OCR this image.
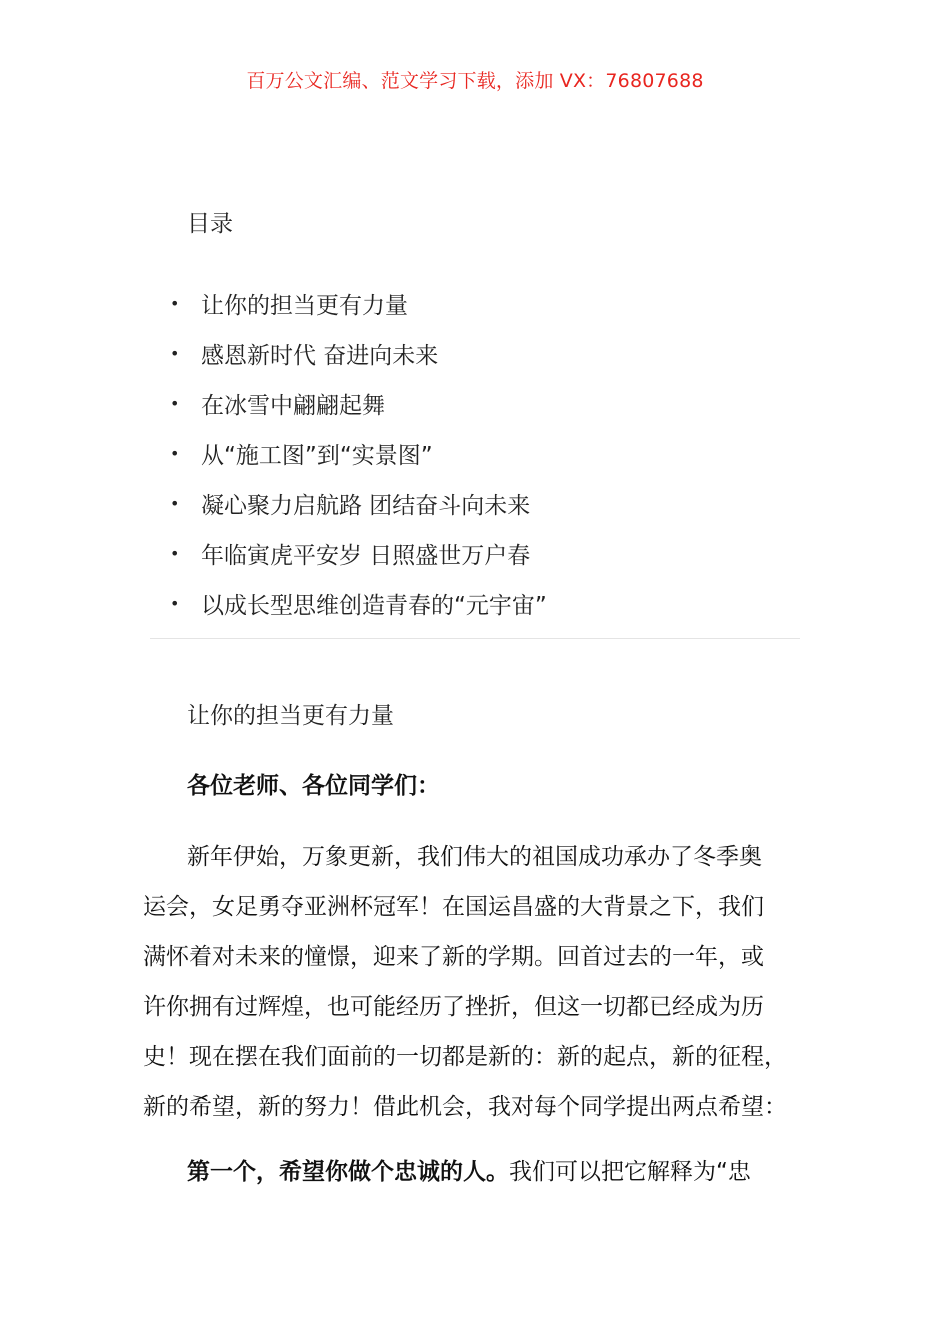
百万公文汇编、范文学习下载，添加 VX：76807688
目录
• 让你的担当更有力量
• 感恩新时代 奋进向未来
• 在冰雪中翩翩起舞
• 从“施工图”到“实景图”
• 凝心聚力启航路 团结奋斗向未来
• 年临寅虎平安岁 日照盛世万户春
• 以成长型思维创造青春的“元宇宙”
让你的担当更有力量
各位老师、各位同学们：
新年伊始，万象更新，我们伟大的祖国成功承办了冬季奥
运会，女足勇夺亚洲杯冠军！在国运昌盛的大背景之下，我们
满怀着对未来的憧憬，迎来了新的学期。回首过去的一年，或
许你拥有过辉煌，也可能经历了挫折，但这一切都已经成为历
史！现在摆在我们面前的一切都是新的：新的起点，新的征程，
新的希望，新的努力！借此机会，我对每个同学提出两点希望：
第一个，希望你做个忠诚的人。我们可以把它解释为“忠
